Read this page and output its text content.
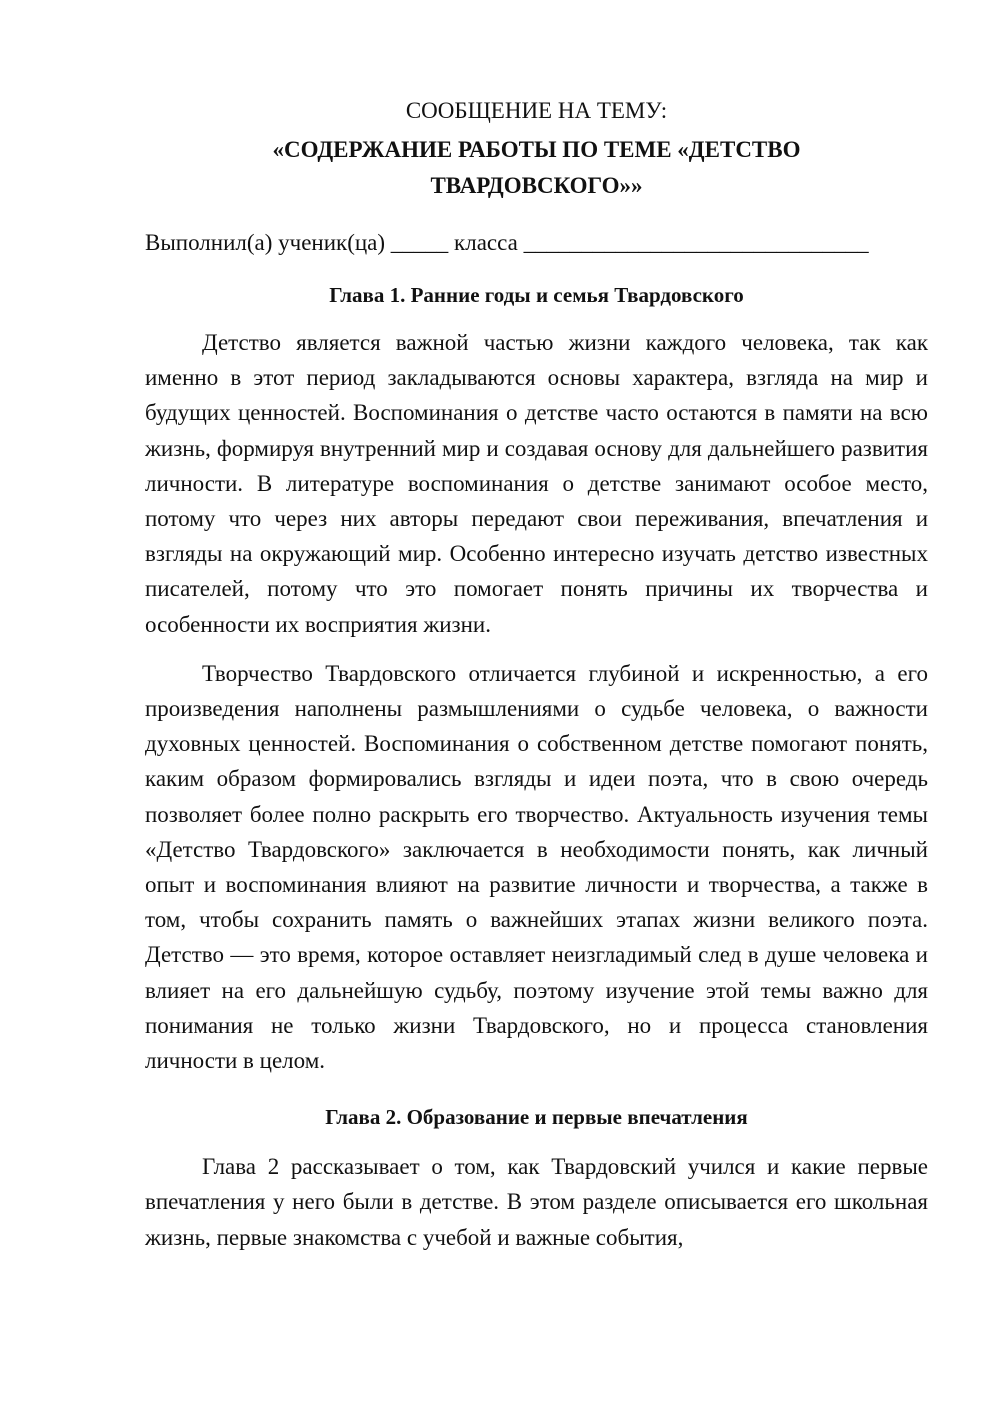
СООБЩЕНИЕ НА ТЕМУ:

«СОДЕРЖАНИЕ РАБОТЫ ПО ТЕМЕ «ДЕТСТВО ТВАРДОВСКОГО»»

Выполнил(а) ученик(ца) _____ класса ______________________________

Глава 1. Ранние годы и семья Твардовского

Детство является важной частью жизни каждого человека, так как именно в этот период закладываются основы характера, взгляда на мир и будущих ценностей. Воспоминания о детстве часто остаются в памяти на всю жизнь, формируя внутренний мир и создавая основу для дальнейшего развития личности. В литературе воспоминания о детстве занимают особое место, потому что через них авторы передают свои переживания, впечатления и взгляды на окружающий мир. Особенно интересно изучать детство известных писателей, потому что это помогает понять причины их творчества и особенности их восприятия жизни.

Творчество Твардовского отличается глубиной и искренностью, а его произведения наполнены размышлениями о судьбе человека, о важности духовных ценностей. Воспоминания о собственном детстве помогают понять, каким образом формировались взгляды и идеи поэта, что в свою очередь позволяет более полно раскрыть его творчество. Актуальность изучения темы «Детство Твардовского» заключается в необходимости понять, как личный опыт и воспоминания влияют на развитие личности и творчества, а также в том, чтобы сохранить память о важнейших этапах жизни великого поэта. Детство — это время, которое оставляет неизгладимый след в душе человека и влияет на его дальнейшую судьбу, поэтому изучение этой темы важно для понимания не только жизни Твардовского, но и процесса становления личности в целом.

Глава 2. Образование и первые впечатления

Глава 2 рассказывает о том, как Твардовский учился и какие первые впечатления у него были в детстве. В этом разделе описывается его школьная жизнь, первые знакомства с учебой и важные события,
